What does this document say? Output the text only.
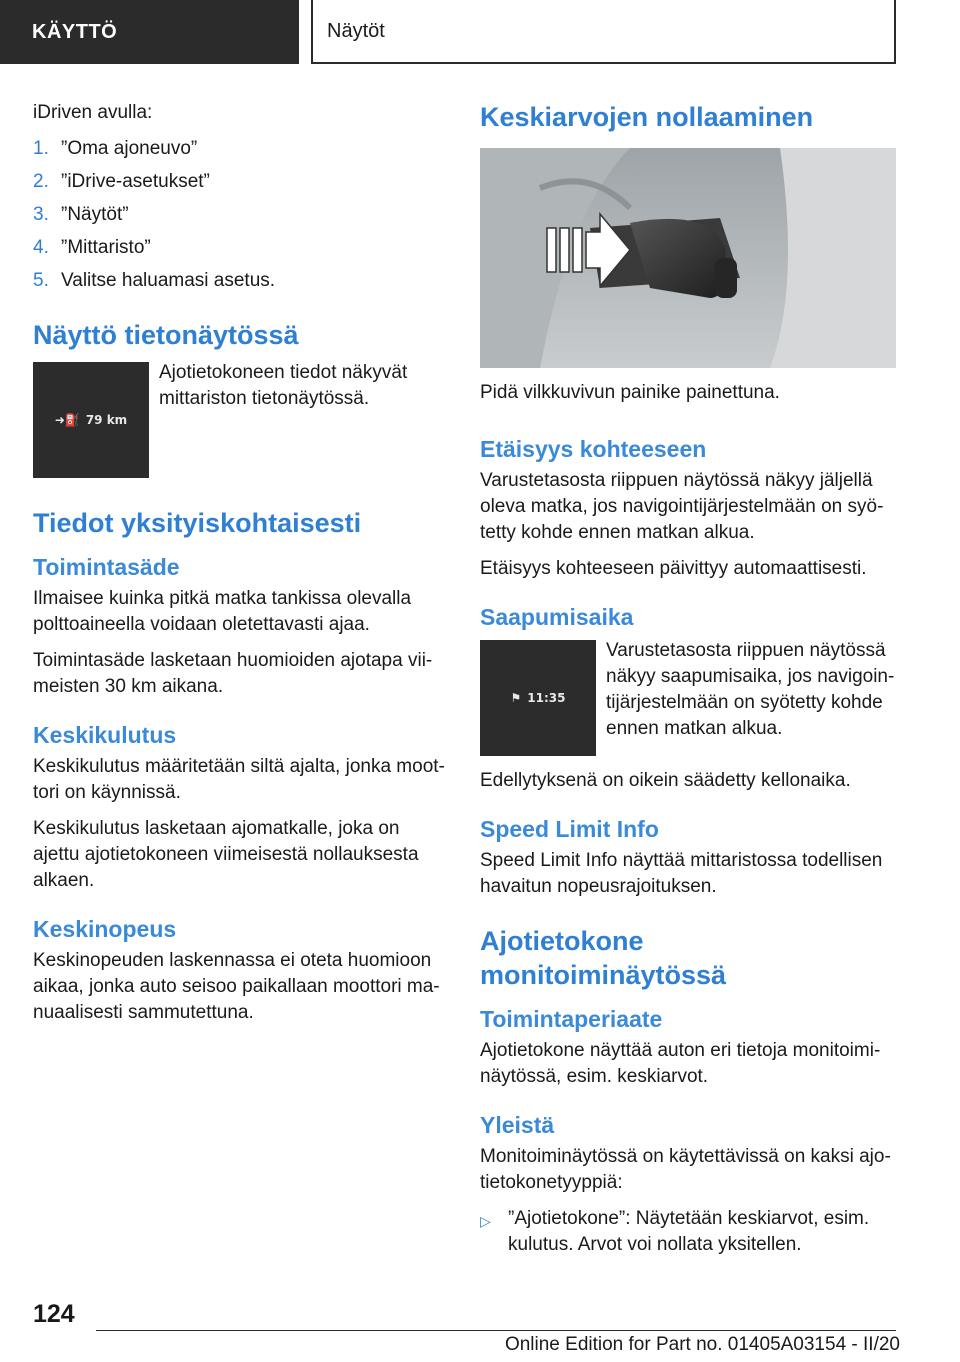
KÄYTTÖ	Näytöt

iDriven avulla:

1. ”Oma ajoneuvo”
2. ”iDrive-asetukset”
3. ”Näytöt”
4. ”Mittaristo”
5. Valitse haluamasi asetus.
Näyttö tietonäytössä
➜⛽ 79 km

Ajotietokoneen tiedot näkyvät mittariston tietonäytössä.

Tiedot yksityiskohtaisesti
Toimintasäde

Ilmaisee kuinka pitkä matka tankissa olevalla polttoaineella voidaan oletettavasti ajaa.

Toimintasäde lasketaan huomioiden ajotapa viimeisten 30 km aikana.

Keskikulutus

Keskikulutus määritetään siltä ajalta, jonka moottori on käynnissä.

Keskikulutus lasketaan ajomatkalle, joka on ajettu ajotietokoneen viimeisestä nollauksesta alkaen.

Keskinopeus

Keskinopeuden laskennassa ei oteta huomioon aikaa, jonka auto seisoo paikallaan moottori manuaalisesti sammutettuna.

Keskiarvojen nollaaminen

Pidä vilkkuvivun painike painettuna.

Etäisyys kohteeseen

Varustetasosta riippuen näytössä näkyy jäljellä oleva matka, jos navigointijärjestelmään on syötetty kohde ennen matkan alkua.

Etäisyys kohteeseen päivittyy automaattisesti.

Saapumisaika
⚑ 11:35

Varustetasosta riippuen näytössä näkyy saapumisaika, jos navigointijärjestelmään on syötetty kohde ennen matkan alkua.

Edellytyksenä on oikein säädetty kellonaika.

Speed Limit Info

Speed Limit Info näyttää mittaristossa todellisen havaitun nopeusrajoituksen.

Ajotietokone monitoiminäytössä
Toimintaperiaate

Ajotietokone näyttää auton eri tietoja monitoiminäytössä, esim. keskiarvot.

Yleistä

Monitoiminäytössä on käytettävissä on kaksi ajotietokonetyyppiä:

▷ ”Ajotietokone”: Näytetään keskiarvot, esim. kulutus. Arvot voi nollata yksitellen.
124
Online Edition for Part no. 01405A03154 - II/20
